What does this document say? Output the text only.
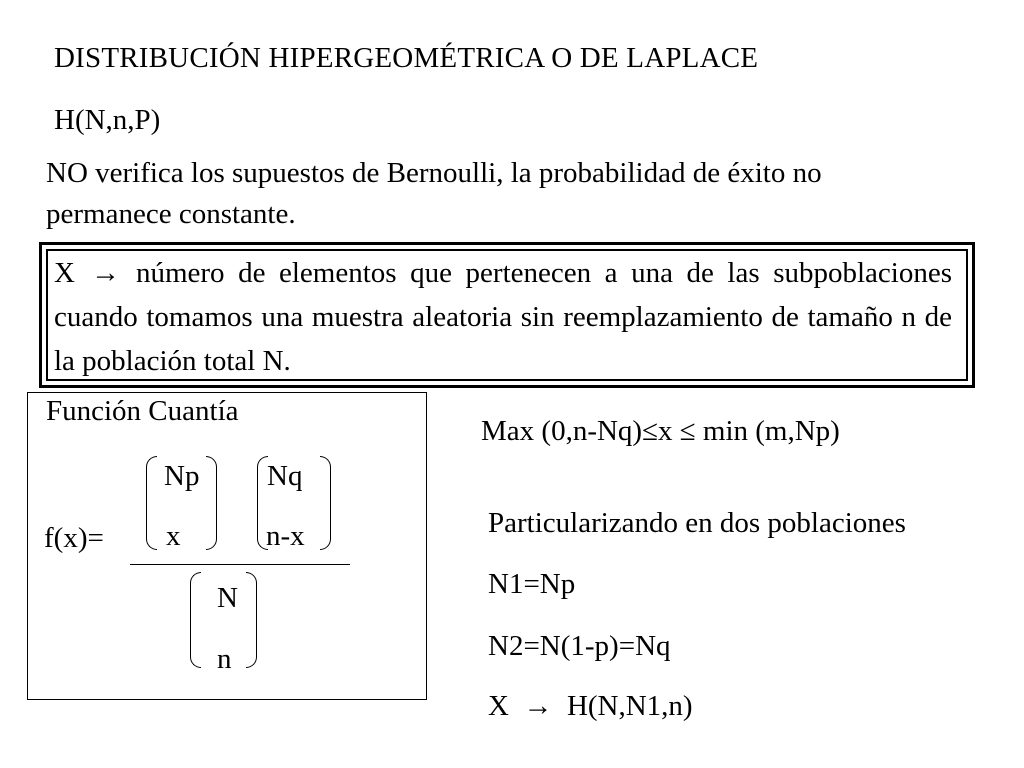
DISTRIBUCIÓN HIPERGEOMÉTRICA O DE LAPLACE
H(N,n,P)
NO verifica los supuestos de Bernoulli, la probabilidad de éxito no permanece constante.
X → número de elementos que pertenecen a una de las subpoblaciones cuando tomamos una muestra aleatoria sin reemplazamiento de tamaño n de la población total N.
Función Cuantía
Np
x
Nq
n-x
f(x)=
N
n
Max (0,n-Nq)≤x ≤ min (m,Np)
Particularizando en dos poblaciones
N1=Np
N2=N(1-p)=Nq
X  →  H(N,N1,n)
